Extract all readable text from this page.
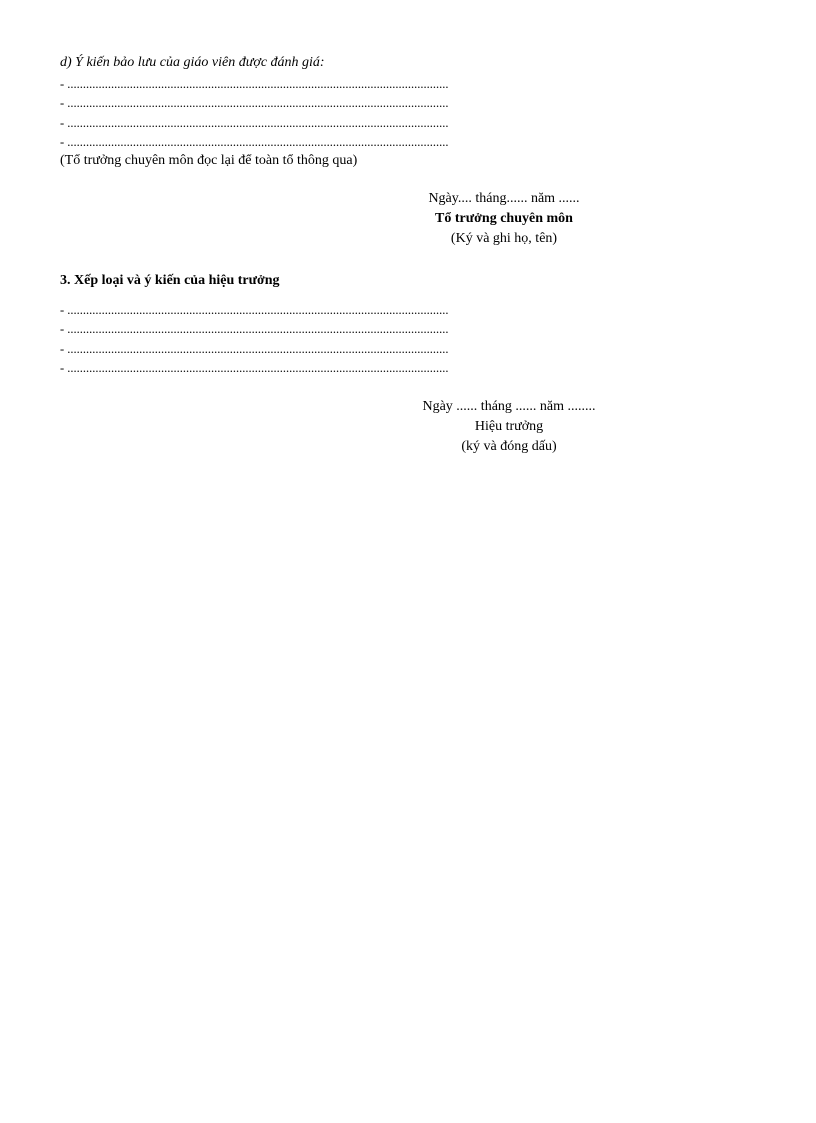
d) Ý kiến bảo lưu của giáo viên được đánh giá:
- ..........................................................................................................................
- ..........................................................................................................................
- ..........................................................................................................................
- ..........................................................................................................................
(Tổ trưởng chuyên môn đọc lại để toàn tổ thông qua)
Ngày.... tháng...... năm ......
Tổ trưởng chuyên môn
(Ký và ghi họ, tên)
3. Xếp loại và ý kiến của hiệu trưởng
- ..........................................................................................................................
- ..........................................................................................................................
- ..........................................................................................................................
- ..........................................................................................................................
Ngày ...... tháng ...... năm ........
Hiệu trưởng
(ký và đóng dấu)
